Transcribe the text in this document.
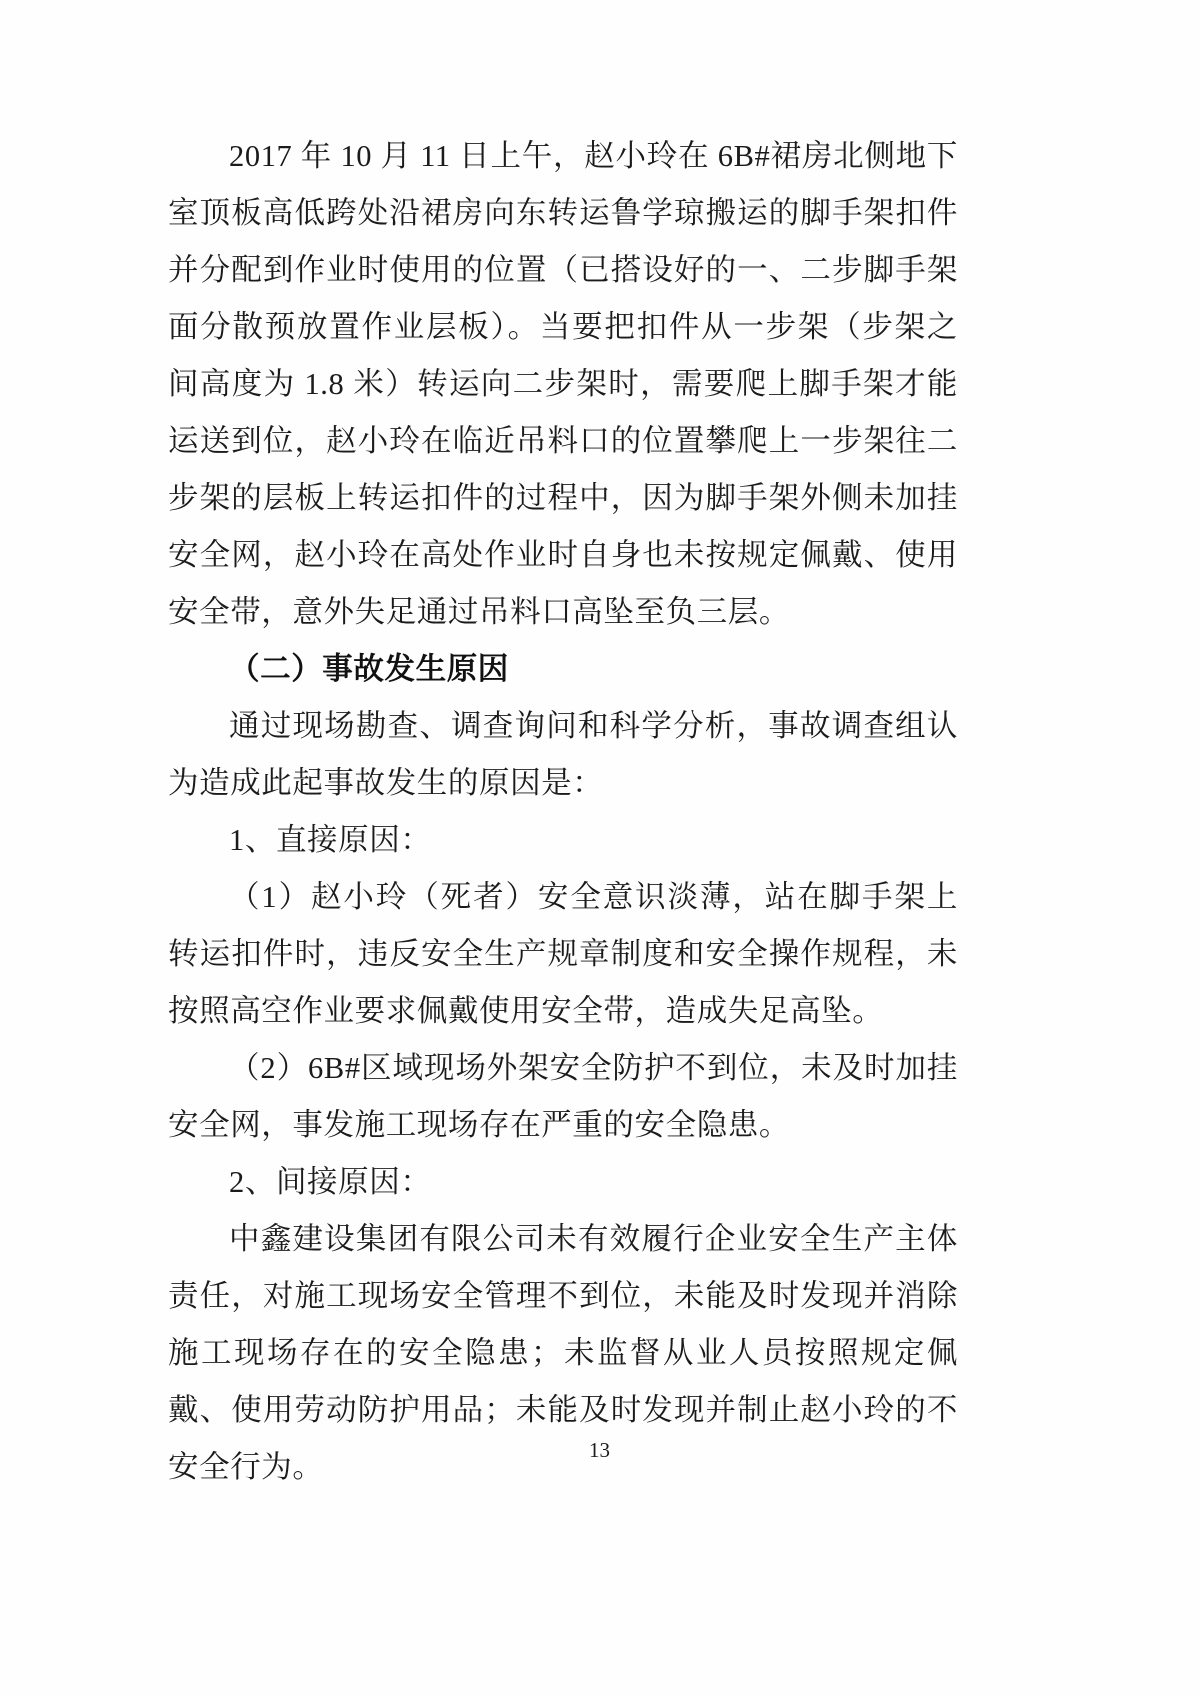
2017 年 10 月 11 日上午，赵小玲在 6B#裙房北侧地下室顶板高低跨处沿裙房向东转运鲁学琼搬运的脚手架扣件并分配到作业时使用的位置（已搭设好的一、二步脚手架面分散预放置作业层板）。当要把扣件从一步架（步架之间高度为 1.8 米）转运向二步架时，需要爬上脚手架才能运送到位，赵小玲在临近吊料口的位置攀爬上一步架往二步架的层板上转运扣件的过程中，因为脚手架外侧未加挂安全网，赵小玲在高处作业时自身也未按规定佩戴、使用安全带，意外失足通过吊料口高坠至负三层。

（二）事故发生原因

通过现场勘查、调查询问和科学分析，事故调查组认为造成此起事故发生的原因是：

1、直接原因：

（1）赵小玲（死者）安全意识淡薄，站在脚手架上转运扣件时，违反安全生产规章制度和安全操作规程，未按照高空作业要求佩戴使用安全带，造成失足高坠。

（2）6B#区域现场外架安全防护不到位，未及时加挂安全网，事发施工现场存在严重的安全隐患。

2、间接原因：

中鑫建设集团有限公司未有效履行企业安全生产主体责任，对施工现场安全管理不到位，未能及时发现并消除施工现场存在的安全隐患；未监督从业人员按照规定佩戴、使用劳动防护用品；未能及时发现并制止赵小玲的不安全行为。	13
